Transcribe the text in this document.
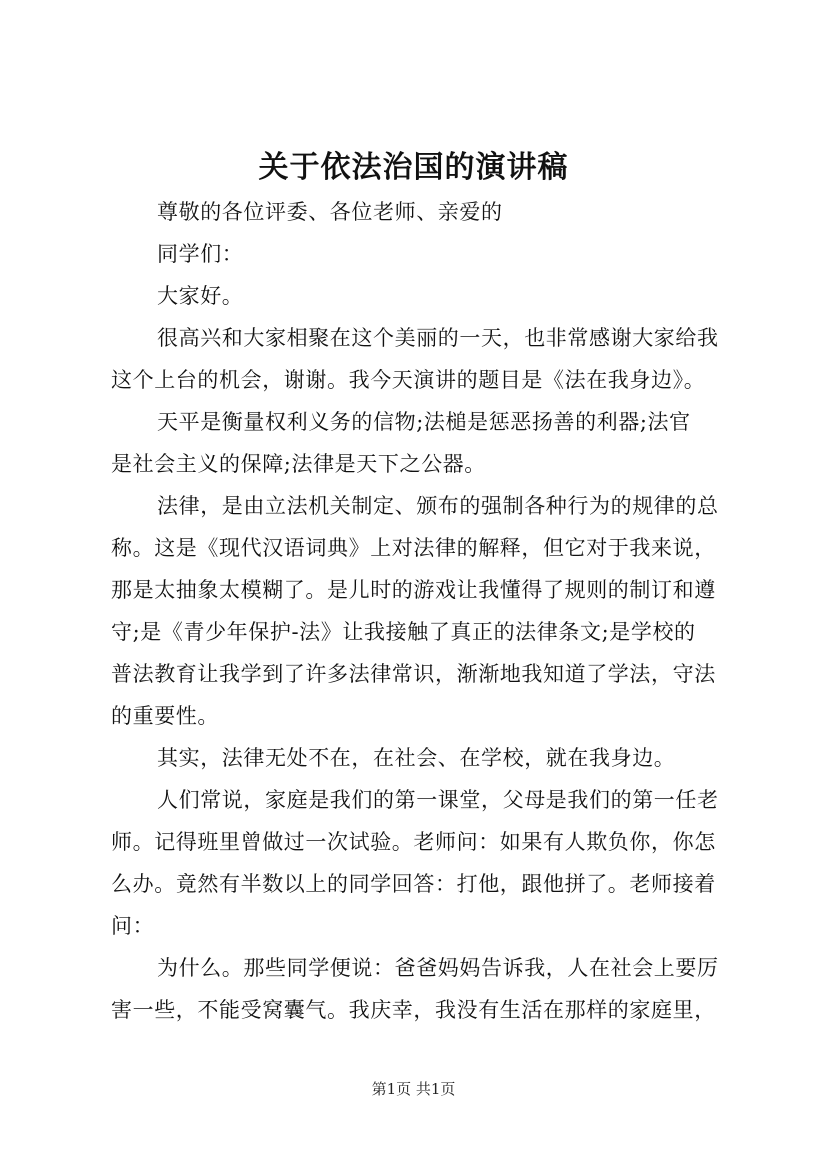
关于依法治国的演讲稿
尊敬的各位评委、各位老师、亲爱的
同学们：
大家好。
很高兴和大家相聚在这个美丽的一天，也非常感谢大家给我
这个上台的机会，谢谢。我今天演讲的题目是《法在我身边》。
天平是衡量权利义务的信物;法槌是惩恶扬善的利器;法官
是社会主义的保障;法律是天下之公器。
法律，是由立法机关制定、颁布的强制各种行为的规律的总
称。这是《现代汉语词典》上对法律的解释，但它对于我来说，
那是太抽象太模糊了。是儿时的游戏让我懂得了规则的制订和遵
守;是《青少年保护-法》让我接触了真正的法律条文;是学校的
普法教育让我学到了许多法律常识，渐渐地我知道了学法，守法
的重要性。
其实，法律无处不在，在社会、在学校，就在我身边。
人们常说，家庭是我们的第一课堂，父母是我们的第一任老
师。记得班里曾做过一次试验。老师问：如果有人欺负你，你怎
么办。竟然有半数以上的同学回答：打他，跟他拼了。老师接着
问：
为什么。那些同学便说：爸爸妈妈告诉我，人在社会上要厉
害一些，不能受窝囊气。我庆幸，我没有生活在那样的家庭里，
第1页 共1页
